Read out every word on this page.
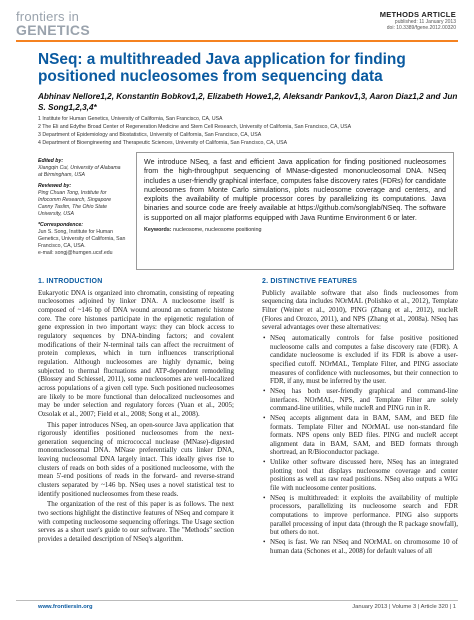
frontiers in
GENETICS
METHODS ARTICLE
published: 11 January 2013
doi: 10.3389/fgene.2012.00320
NSeq: a multithreaded Java application for finding positioned nucleosomes from sequencing data
Abhinav Nellore1,2, Konstantin Bobkov1,2, Elizabeth Howe1,2, Aleksandr Pankov1,3, Aaron Diaz1,2 and Jun S. Song1,2,3,4*
1 Institute for Human Genetics, University of California, San Francisco, CA, USA
2 The Eli and Edythe Broad Center of Regeneration Medicine and Stem Cell Research, University of California, San Francisco, CA, USA
3 Department of Epidemiology and Biostatistics, University of California, San Francisco, CA, USA
4 Department of Bioengineering and Therapeutic Sciences, University of California, San Francisco, CA, USA
Edited by:
Xiangqin Cui, University of Alabama at Birmingham, USA
Reviewed by:
Ping Chuan Tong, Institute for Infocomm Research, Singapore Canny Taslim, The Ohio State University, USA
*Correspondence:
Jun S. Song, Institute for Human Genetics, University of California, San Francisco, CA, USA.
e-mail: songj@humgen.ucsf.edu
We introduce NSeq, a fast and efficient Java application for finding positioned nucleosomes from the high-throughput sequencing of MNase-digested mononucleosomal DNA. NSeq includes a user-friendly graphical interface, computes false discovery rates (FDRs) for candidate nucleosomes from Monte Carlo simulations, plots nucleosome coverage and centers, and exploits the availability of multiple processor cores by parallelizing its computations. Java binaries and source code are freely available at https://github.com/songlab/NSeq. The software is supported on all major platforms equipped with Java Runtime Environment 6 or later.
Keywords: nucleosome, nucleosome positioning
1. INTRODUCTION
Eukaryotic DNA is organized into chromatin, consisting of repeating nucleosomes adjoined by linker DNA. A nucleosome itself is composed of ~146 bp of DNA wound around an octameric histone core. The core histones participate in the epigenetic regulation of gene expression in two important ways: they can block access to regulatory sequences by DNA-binding factors; and covalent modifications of their N-terminal tails can affect the recruitment of protein complexes, which in turn influences transcriptional regulation. Although nucleosomes are highly dynamic, being subjected to thermal fluctuations and ATP-dependent remodeling (Blossey and Schiessel, 2011), some nucleosomes are well-localized across populations of a given cell type. Such positioned nucleosomes are likely to be more functional than delocalized nucleosomes and may be under selection and regulatory forces (Yuan et al., 2005; Ozsolak et al., 2007; Field et al., 2008; Song et al., 2008).
This paper introduces NSeq, an open-source Java application that rigorously identifies positioned nucleosomes from the next-generation sequencing of micrococcal nuclease (MNase)-digested mononucleosomal DNA. MNase preferentially cuts linker DNA, leaving nucleosomal DNA largely intact. This ideally gives rise to clusters of reads on both sides of a positioned nucleosome, with the mean 5'-end positions of reads in the forward- and reverse-strand clusters separated by ~146 bp. NSeq uses a novel statistical test to identify positioned nucleosomes from these reads.
The organization of the rest of this paper is as follows. The next two sections highlight the distinctive features of NSeq and compare it with competing nucleosome sequencing offerings. The Usage section serves as a short user's guide to our software. The "Methods" section provides a detailed description of NSeq's algorithm.
2. DISTINCTIVE FEATURES
Publicly available software that also finds nucleosomes from sequencing data includes NOrMAL (Polishko et al., 2012), Template Filter (Weiner et al., 2010), PING (Zhang et al., 2012), nucleR (Flores and Orozco, 2011), and NPS (Zhang et al., 2008a). NSeq has several advantages over these alternatives:
• NSeq automatically controls for false positive positioned nucleosome calls and computes a false discovery rate (FDR). A candidate nucleosome is excluded if its FDR is above a user-specified cutoff. NOrMAL, Template Filter, and PING associate measures of confidence with nucleosomes, but their connection to FDR, if any, must be inferred by the user.
• NSeq has both user-friendly graphical and command-line interfaces. NOrMAL, NPS, and Template Filter are solely command-line utilities, while nucleR and PING run in R.
• NSeq accepts alignment data in BAM, SAM, and BED file formats. Template Filter and NOrMAL use non-standard file formats. NPS opens only BED files. PING and nucleR accept alignment data in BAM, SAM, and BED formats through shortread, an R/Bioconductor package.
• Unlike other software discussed here, NSeq has an integrated plotting tool that displays nucleosome coverage and center positions as well as raw read positions. NSeq also outputs a WIG file with nucleosome center positions.
• NSeq is multithreaded: it exploits the availability of multiple processors, parallelizing its nucleosome search and FDR computations to improve performance. PING also supports parallel processing of input data (through the R package snowfall), but others do not.
• NSeq is fast. We ran NSeq and NOrMAL on chromosome 10 of human data (Schones et al., 2008) for default values of all
www.frontiersin.org	January 2013 | Volume 3 | Article 320 | 1
